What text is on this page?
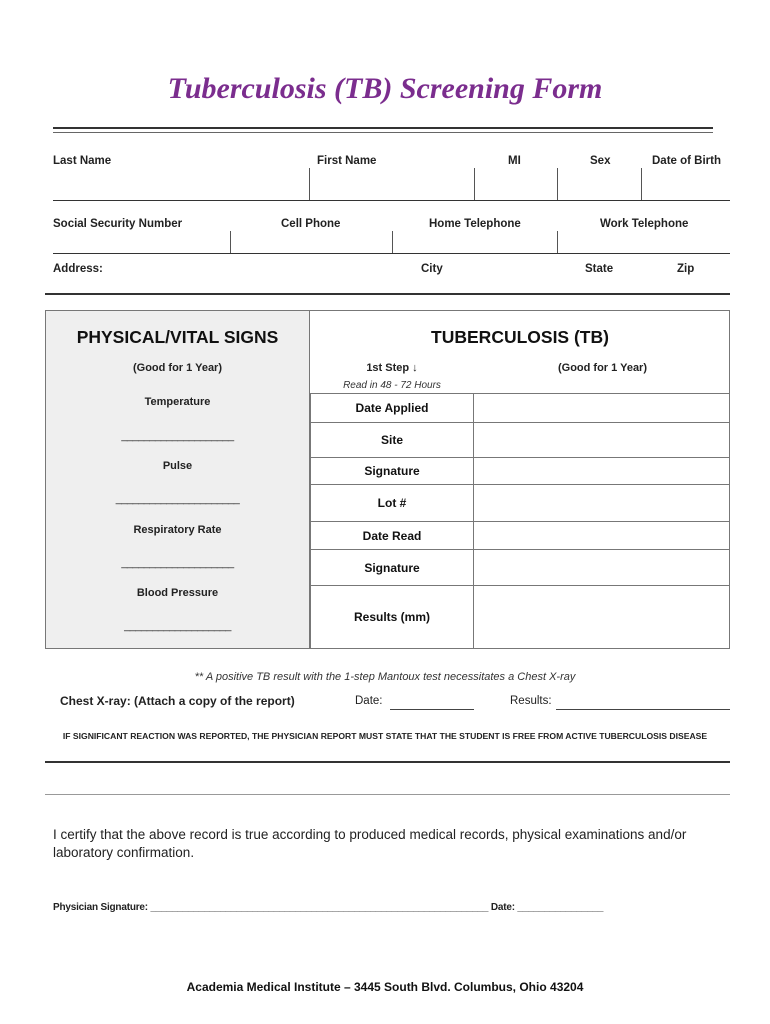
Tuberculosis (TB) Screening Form
Last Name	First Name	MI	Sex	Date of Birth
Social Security Number	Cell Phone	Home Telephone	Work Telephone
Address:	City	State	Zip
PHYSICAL/VITAL SIGNS
(Good for 1 Year)
Temperature
____________________
Pulse
______________________
Respiratory Rate
____________________
Blood Pressure
___________________
TUBERCULOSIS (TB)
1st Step ↓	(Good for 1 Year)
Read in 48 - 72 Hours
Date Applied
Site
Signature
Lot #
Date Read
Signature
Results (mm)
** A positive TB result with the 1-step Mantoux test necessitates a Chest X-ray
Chest X-ray: (Attach a copy of the report)	Date:	Results:
IF SIGNIFICANT REACTION WAS REPORTED, THE PHYSICIAN REPORT MUST STATE THAT THE STUDENT IS FREE FROM ACTIVE TUBERCULOSIS DISEASE
I certify that the above record is true according to produced medical records, physical examinations and/or laboratory confirmation.
Physician Signature: _______________________________________________________________ Date: ________________
Academia Medical Institute – 3445 South Blvd. Columbus, Ohio 43204
